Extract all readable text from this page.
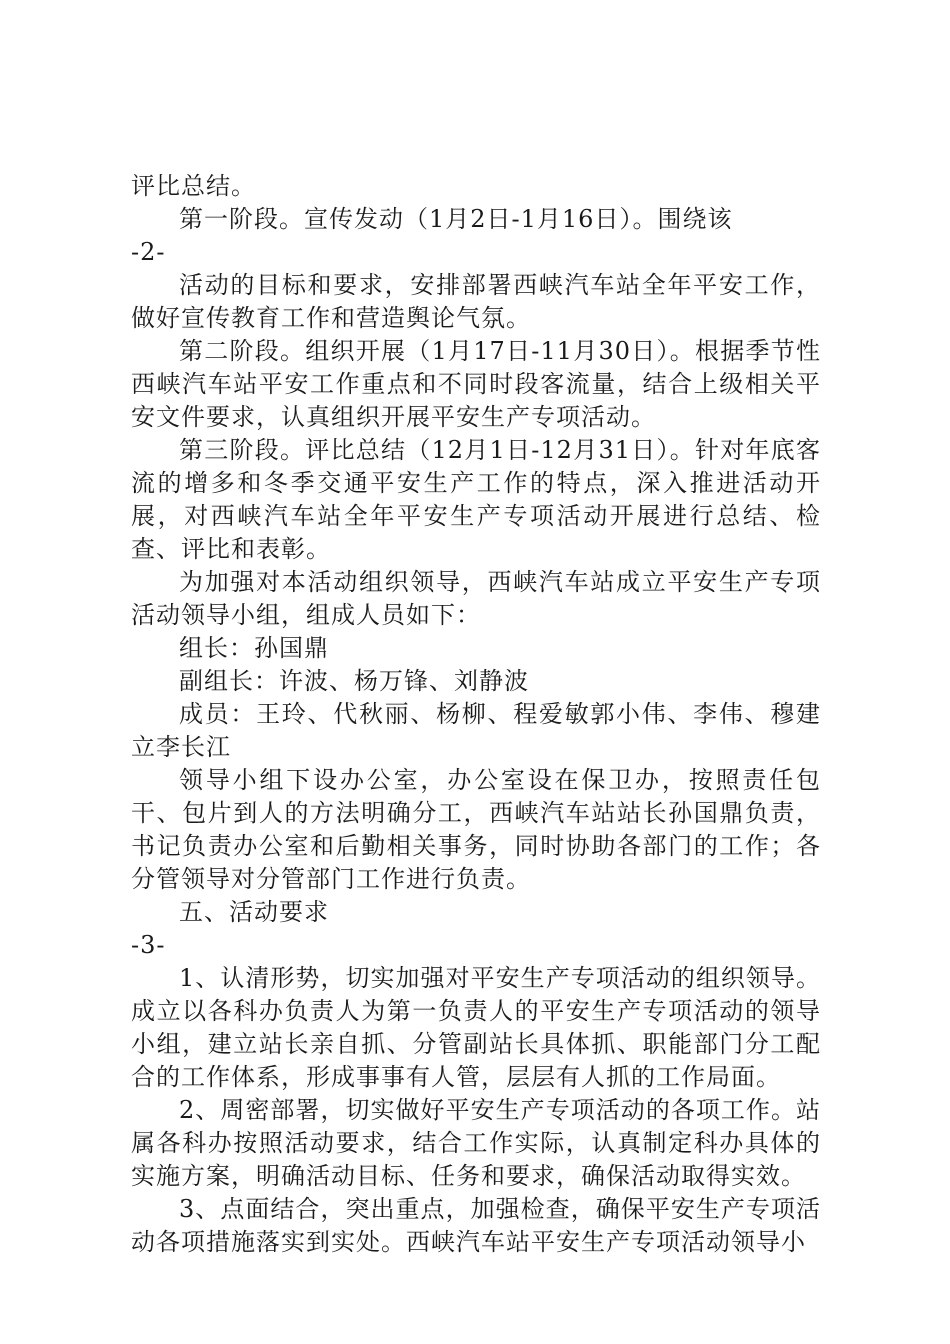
评比总结。

第一阶段。宣传发动（1月2日-1月16日）。围绕该

-2-

活动的目标和要求，安排部署西峡汽车站全年平安工作，做好宣传教育工作和营造舆论气氛。

第二阶段。组织开展（1月17日-11月30日）。根据季节性西峡汽车站平安工作重点和不同时段客流量，结合上级相关平安文件要求，认真组织开展平安生产专项活动。

第三阶段。评比总结（12月1日-12月31日）。针对年底客流的增多和冬季交通平安生产工作的特点，深入推进活动开展，对西峡汽车站全年平安生产专项活动开展进行总结、检查、评比和表彰。

为加强对本活动组织领导，西峡汽车站成立平安生产专项活动领导小组，组成人员如下：

组长：孙国鼎

副组长：许波、杨万锋、刘静波

成员：王玲、代秋丽、杨柳、程爱敏郭小伟、李伟、穆建立李长江

领导小组下设办公室，办公室设在保卫办，按照责任包干、包片到人的方法明确分工，西峡汽车站站长孙国鼎负责，书记负责办公室和后勤相关事务，同时协助各部门的工作；各分管领导对分管部门工作进行负责。

五、活动要求

-3-

1、认清形势，切实加强对平安生产专项活动的组织领导。成立以各科办负责人为第一负责人的平安生产专项活动的领导小组，建立站长亲自抓、分管副站长具体抓、职能部门分工配合的工作体系，形成事事有人管，层层有人抓的工作局面。

2、周密部署，切实做好平安生产专项活动的各项工作。站属各科办按照活动要求，结合工作实际，认真制定科办具体的实施方案，明确活动目标、任务和要求，确保活动取得实效。

3、点面结合，突出重点，加强检查，确保平安生产专项活动各项措施落实到实处。西峡汽车站平安生产专项活动领导小
